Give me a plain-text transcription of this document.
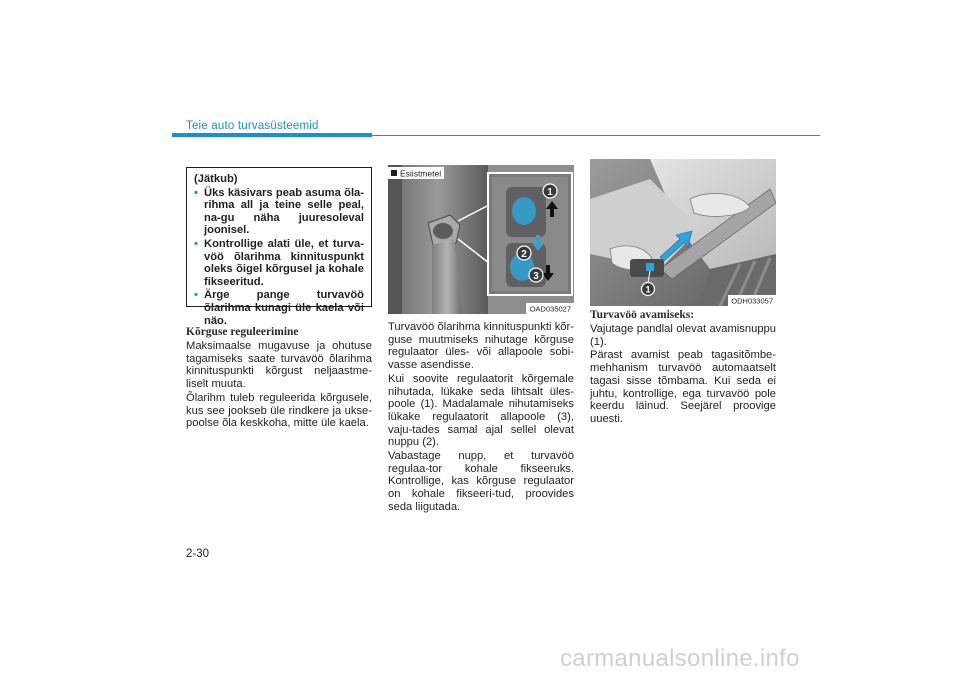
Teie auto turvasüsteemid
(Jätkub)
• Üks käsivars peab asuma õla-rihma all ja teine selle peal, na-gu näha juuresoleval joonisel.
• Kontrollige alati üle, et turva-vöö õlarihma kinnituspunkt oleks õigel kõrgusel ja kohale fikseeritud.
• Ärge pange turvavöö õlarihma kunagi üle kaela või näo.
Kõrguse reguleerimine

Maksimaalse mugavuse ja ohutuse tagamiseks saate turvavöö õlarihma kinnituspunkti kõrgust neljaastme-liselt muuta.

Õlarihm tuleb reguleerida kõrgusele, kus see jookseb üle rindkere ja ukse-poolse õla keskkoha, mitte üle kaela.

1
2
3
Esiistmetel
OAD035027

Turvavöö õlarihma kinnituspunkti kõr-guse muutmiseks nihutage kõrguse regulaator üles- või allapoole sobi-vasse asendisse.

Kui soovite regulaatorit kõrgemale nihutada, lükake seda lihtsalt üles-poole (1). Madalamale nihutamiseks lükake regulaatorit allapoole (3), vaju-tades samal ajal sellel olevat nuppu (2).

Vabastage nupp, et turvavöö regulaa-tor kohale fikseeruks. Kontrollige, kas kõrguse regulaator on kohale fikseeri-tud, proovides seda liigutada.

1
ODH033057
Turvavöö avamiseks:

Vajutage pandlal olevat avamisnuppu (1).

Pärast avamist peab tagasitõmbe-mehhanism turvavöö automaatselt tagasi sisse tõmbama. Kui seda ei juhtu, kontrollige, ega turvavöö pole keerdu läinud. Seejärel proovige uuesti.

2-30
carmanualsonline.info
